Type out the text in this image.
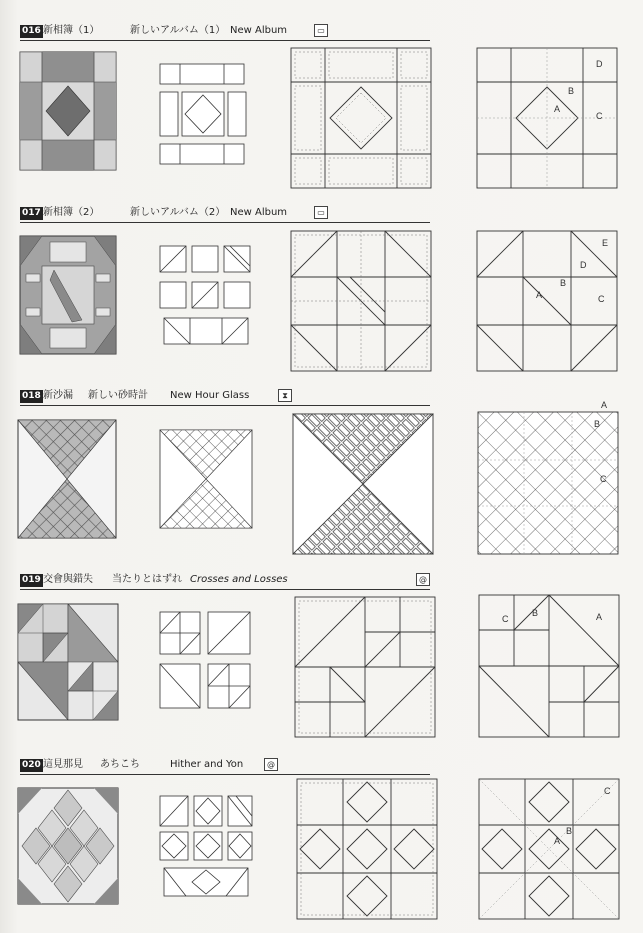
016 新相簿（1）	新しいアルバム（1） New Album	▭
A
B
C
D
017 新相簿（2）	新しいアルバム（2） New Album	▭
A
B
C
D
E
018 新沙漏 新しい砂時計 New Hour Glass	⧗
A
B
C
019 交會與錯失 当たりとはずれ Crosses and Losses	@
A
B
C
020 這見那見 あちこち	Hither and Yon	@
A
B
C
